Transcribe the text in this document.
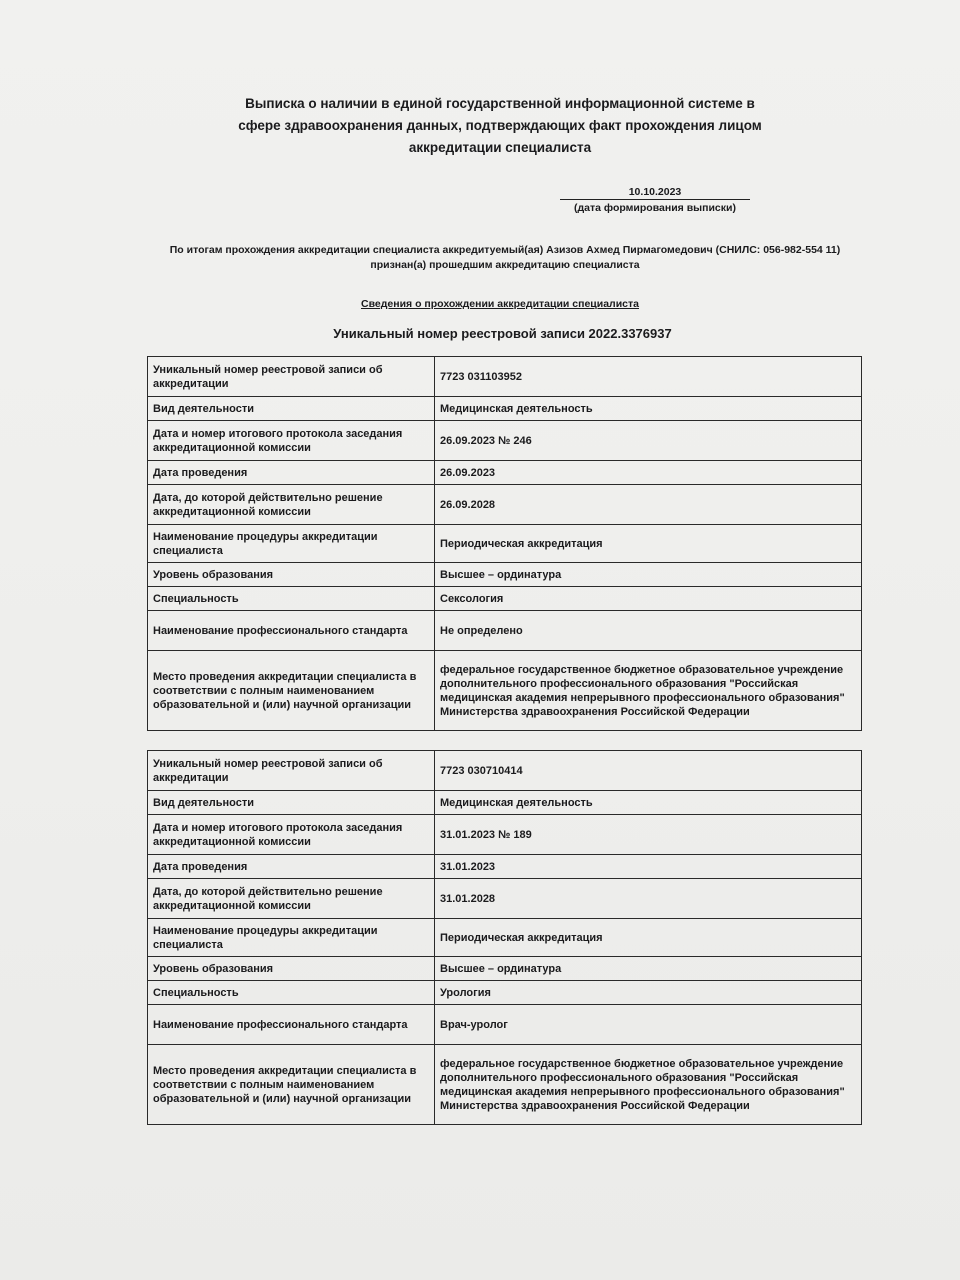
Выписка о наличии в единой государственной информационной системе в сфере здравоохранения данных, подтверждающих факт прохождения лицом аккредитации специалиста
10.10.2023
(дата формирования выписки)
По итогам прохождения аккредитации специалиста аккредитуемый(ая) Азизов Ахмед Пирмагомедович (СНИЛС: 056-982-554 11) признан(а) прошедшим аккредитацию специалиста
Сведения о прохождении аккредитации специалиста
Уникальный номер реестровой записи 2022.3376937
Уникальный номер реестровой записи об аккредитации	7723 031103952
Вид деятельности	Медицинская деятельность
Дата и номер итогового протокола заседания аккредитационной комиссии	26.09.2023 № 246
Дата проведения	26.09.2023
Дата, до которой действительно решение аккредитационной комиссии	26.09.2028
Наименование процедуры аккредитации специалиста	Периодическая аккредитация
Уровень образования	Высшее – ординатура
Специальность	Сексология
Наименование профессионального стандарта	Не определено
Место проведения аккредитации специалиста в соответствии с полным наименованием образовательной и (или) научной организации	федеральное государственное бюджетное образовательное учреждение дополнительного профессионального образования "Российская медицинская академия непрерывного профессионального образования" Министерства здравоохранения Российской Федерации
Уникальный номер реестровой записи об аккредитации	7723 030710414
Вид деятельности	Медицинская деятельность
Дата и номер итогового протокола заседания аккредитационной комиссии	31.01.2023 № 189
Дата проведения	31.01.2023
Дата, до которой действительно решение аккредитационной комиссии	31.01.2028
Наименование процедуры аккредитации специалиста	Периодическая аккредитация
Уровень образования	Высшее – ординатура
Специальность	Урология
Наименование профессионального стандарта	Врач-уролог
Место проведения аккредитации специалиста в соответствии с полным наименованием образовательной и (или) научной организации	федеральное государственное бюджетное образовательное учреждение дополнительного профессионального образования "Российская медицинская академия непрерывного профессионального образования" Министерства здравоохранения Российской Федерации
